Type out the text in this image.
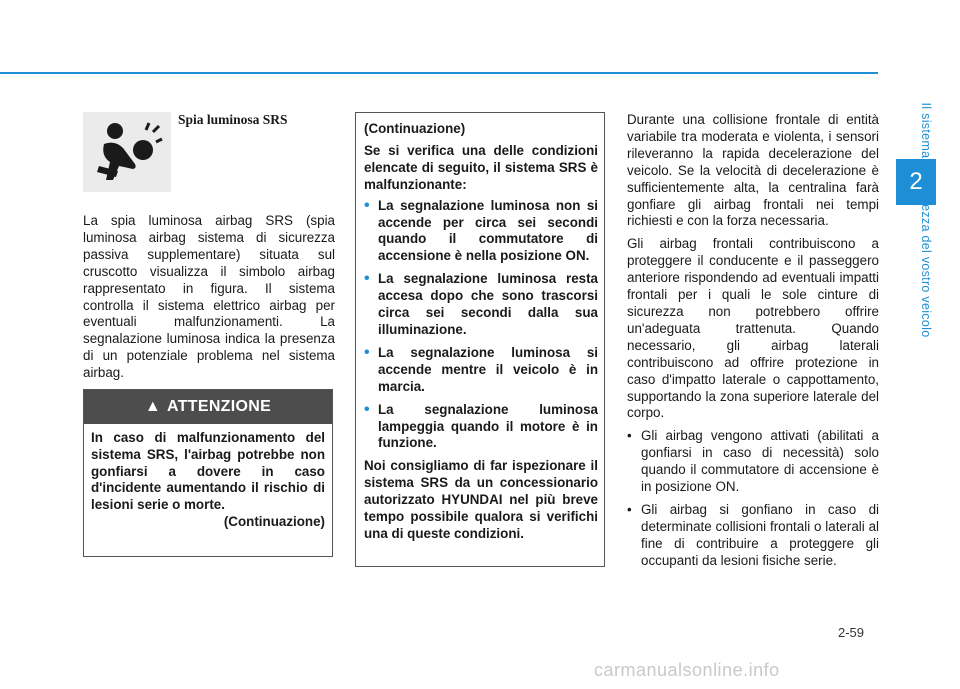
2
Il sistema di sicurezza del vostro veicolo
Spia luminosa SRS

La spia luminosa airbag SRS (spia luminosa airbag sistema di sicurezza passiva supplementare) situata sul cruscotto visualizza il simbolo airbag rappresentato in figura. Il sistema controlla il sistema elettrico airbag per eventuali malfunzionamenti. La segnalazione luminosa indica la presenza di un potenziale problema nel sistema airbag.

▲ ATTENZIONE
In caso di malfunzionamento del sistema SRS, l'airbag potrebbe non gonfiarsi a dovere in caso d'incidente aumentando il rischio di lesioni serie o morte.
(Continuazione)

(Continuazione)

Se si verifica una delle condizioni elencate di seguito, il sistema SRS è malfunzionante:

• La segnalazione luminosa non si accende per circa sei secondi quando il commutatore di accensione è nella posizione ON.
• La segnalazione luminosa resta accesa dopo che sono trascorsi circa sei secondi dalla sua illuminazione.
• La segnalazione luminosa si accende mentre il veicolo è in marcia.
• La segnalazione luminosa lampeggia quando il motore è in funzione.

Noi consigliamo di far ispezionare il sistema SRS da un concessionario autorizzato HYUNDAI nel più breve tempo possibile qualora si verifichi una di queste condizioni.

Durante una collisione frontale di entità variabile tra moderata e violenta, i sensori rileveranno la rapida decelerazione del veicolo. Se la velocità di decelerazione è sufficientemente alta, la centralina farà gonfiare gli airbag frontali nei tempi richiesti e con la forza necessaria.

Gli airbag frontali contribuiscono a proteggere il conducente e il passeggero anteriore rispondendo ad eventuali impatti frontali per i quali le sole cinture di sicurezza non potrebbero offrire un'adeguata trattenuta. Quando necessario, gli airbag laterali contribuiscono ad offrire protezione in caso d'impatto laterale o cappottamento, supportando la zona superiore laterale del corpo.

• Gli airbag vengono attivati (abilitati a gonfiarsi in caso di necessità) solo quando il commutatore di accensione è in posizione ON.
• Gli airbag si gonfiano in caso di determinate collisioni frontali o laterali al fine di contribuire a proteggere gli occupanti da lesioni fisiche serie.
2-59
carmanualsonline.info
